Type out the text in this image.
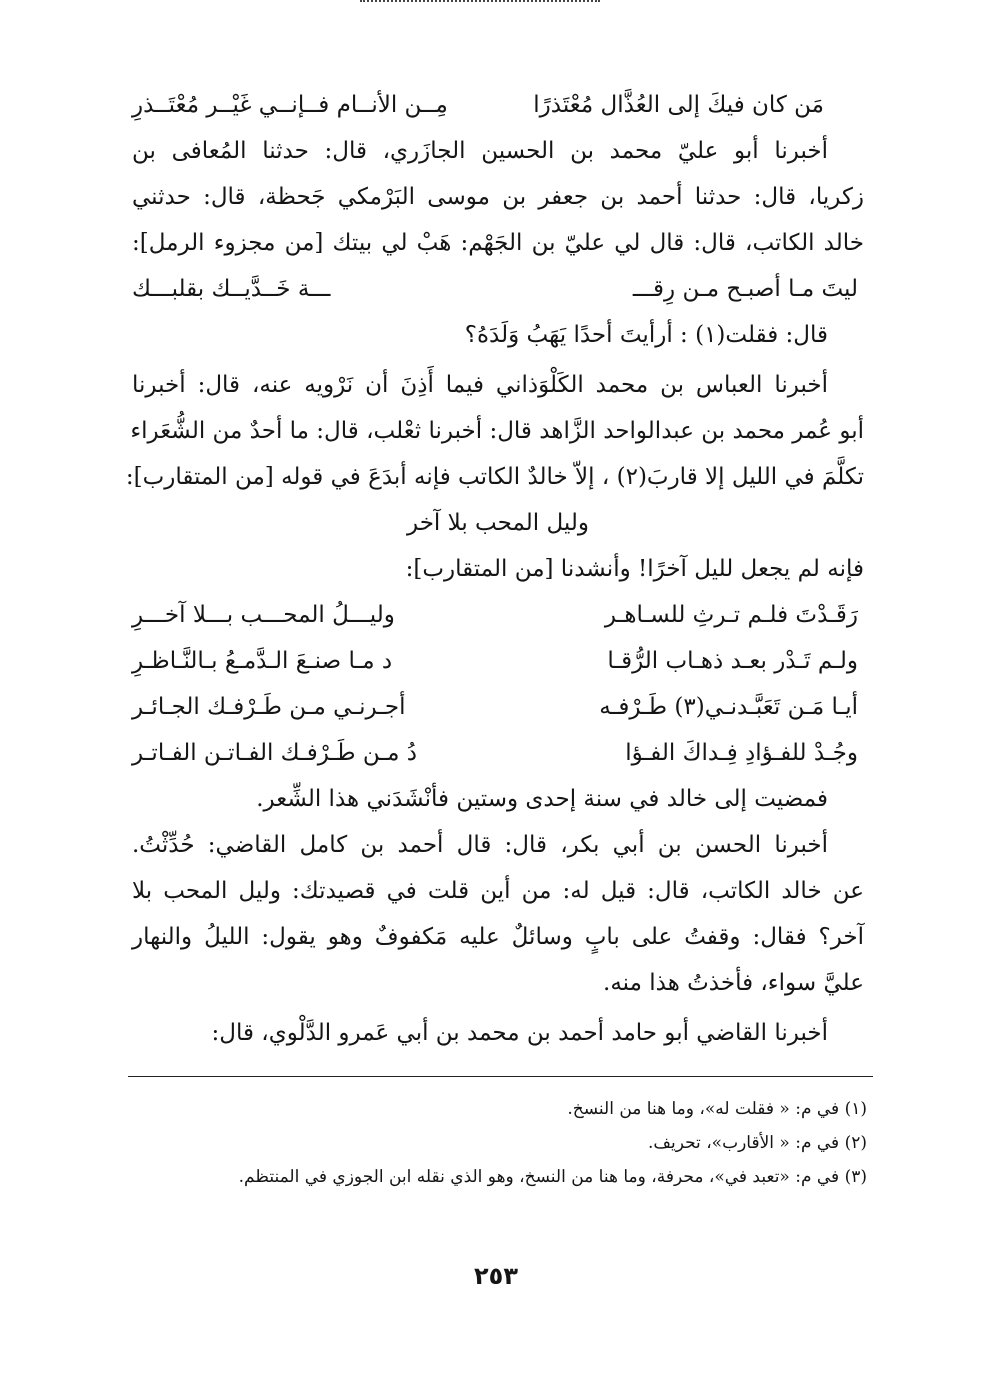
مَن كان فيكَ إلى العُذَّال مُعْتَذرًا
مِــن الأنــام فــإنــي غَيْــر مُعْتَــذرِ
أخبرنا أبو عليّ محمد بن الحسين الجازَري، قال: حدثنا المُعافى بن
زكريا، قال: حدثنا أحمد بن جعفر بن موسى البَرْمكي جَحظة، قال: حدثني
خالد الكاتب، قال: قال لي عليّ بن الجَهْم: هَبْ لي بيتك [من مجزوء الرمل]:
ليتَ مـا أصبـح مـن رِقـــ
ـــة خَــدَّيــك بقلبـــك
قال: فقلت(١) : أرأيتَ أحدًا يَهَبُ وَلَدَهُ؟
أخبرنا العباس بن محمد الكَلْوَذاني فيما أَذِنَ أن نَرْويه عنه، قال: أخبرنا
أبو عُمر محمد بن عبدالواحد الزَّاهد قال: أخبرنا ثعْلب، قال: ما أحدٌ من الشُّعَراء
تكلَّمَ في الليل إلا قاربَ(٢) ، إلاّ خالدٌ الكاتب فإنه أبدَعَ في قوله [من المتقارب]:
وليل المحب بلا آخر
فإنه لم يجعل لليل آخرًا! وأنشدنا [من المتقارب]:
رَقَـدْتَ فلـم تـرثِ للسـاهـر
وليـــلُ المحـــب بـــلا آخـــرِ
ولـم تَـدْر بعـد ذهـاب الرُّقـا
د مـا صنـعَ الـدَّمـعُ بـالنَّـاظـرِ
أيـا مَـن تَعَبَّـدنـي(٣) طَـرْفـه
أجـرنـي مـن طَـرْفـك الجـائـر
وجُـدْ للفـؤادِ فِـداكَ الفـؤا
دُ مـن طَـرْفـك الفـاتـن الفـاتـر
فمضيت إلى خالد في سنة إحدى وستين فأنْشَدَني هذا الشِّعر.
أخبرنا الحسن بن أبي بكر، قال: قال أحمد بن كامل القاضي: حُدِّثْتُ.
عن خالد الكاتب، قال: قيل له: من أين قلت في قصيدتك: وليل المحب بلا
آخر؟ فقال: وقفتُ على بابٍ وسائلٌ عليه مَكفوفٌ وهو يقول: الليلُ والنهار
عليَّ سواء، فأخذتُ هذا منه.
أخبرنا القاضي أبو حامد أحمد بن محمد بن أبي عَمرو الدَّلْوي، قال:
(١) في م: « فقلت له»، وما هنا من النسخ.
(٢) في م: « الأقارب»، تحريف.
(٣) في م: «تعبد في»، محرفة، وما هنا من النسخ، وهو الذي نقله ابن الجوزي في المنتظم.
٢٥٣
